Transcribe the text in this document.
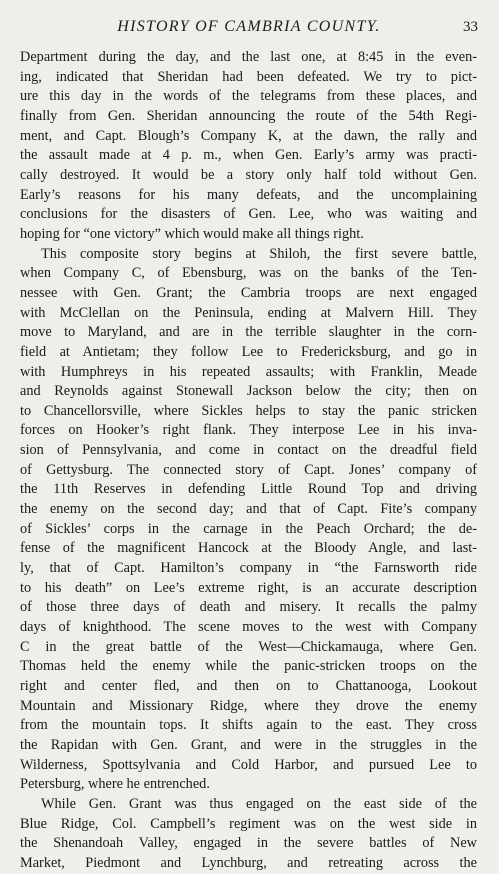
HISTORY OF CAMBRIA COUNTY.	33
Department during the day, and the last one, at 8:45 in the even-
ing, indicated that Sheridan had been defeated. We try to pict-
ure this day in the words of the telegrams from these places, and
finally from Gen. Sheridan announcing the route of the 54th Regi-
ment, and Capt. Blough’s Company K, at the dawn, the rally and
the assault made at 4 p. m., when Gen. Early’s army was practi-
cally destroyed. It would be a story only half told without Gen.
Early’s reasons for his many defeats, and the uncomplaining
conclusions for the disasters of Gen. Lee, who was waiting and
hoping for “one victory” which would make all things right.
This composite story begins at Shiloh, the first severe battle,
when Company C, of Ebensburg, was on the banks of the Ten-
nessee with Gen. Grant; the Cambria troops are next engaged
with McClellan on the Peninsula, ending at Malvern Hill. They
move to Maryland, and are in the terrible slaughter in the corn-
field at Antietam; they follow Lee to Fredericksburg, and go in
with Humphreys in his repeated assaults; with Franklin, Meade
and Reynolds against Stonewall Jackson below the city; then on
to Chancellorsville, where Sickles helps to stay the panic stricken
forces on Hooker’s right flank. They interpose Lee in his inva-
sion of Pennsylvania, and come in contact on the dreadful field
of Gettysburg. The connected story of Capt. Jones’ company of
the 11th Reserves in defending Little Round Top and driving
the enemy on the second day; and that of Capt. Fite’s company
of Sickles’ corps in the carnage in the Peach Orchard; the de-
fense of the magnificent Hancock at the Bloody Angle, and last-
ly, that of Capt. Hamilton’s company in “the Farnsworth ride
to his death” on Lee’s extreme right, is an accurate description
of those three days of death and misery. It recalls the palmy
days of knighthood. The scene moves to the west with Company
C in the great battle of the West—Chickamauga, where Gen.
Thomas held the enemy while the panic-stricken troops on the
right and center fled, and then on to Chattanooga, Lookout
Mountain and Missionary Ridge, where they drove the enemy
from the mountain tops. It shifts again to the east. They cross
the Rapidan with Gen. Grant, and were in the struggles in the
Wilderness, Spottsylvania and Cold Harbor, and pursued Lee to
Petersburg, where he entrenched.
While Gen. Grant was thus engaged on the east side of the
Blue Ridge, Col. Campbell’s regiment was on the west side in
the Shenandoah Valley, engaged in the severe battles of New
Market, Piedmont and Lynchburg, and retreating across the
